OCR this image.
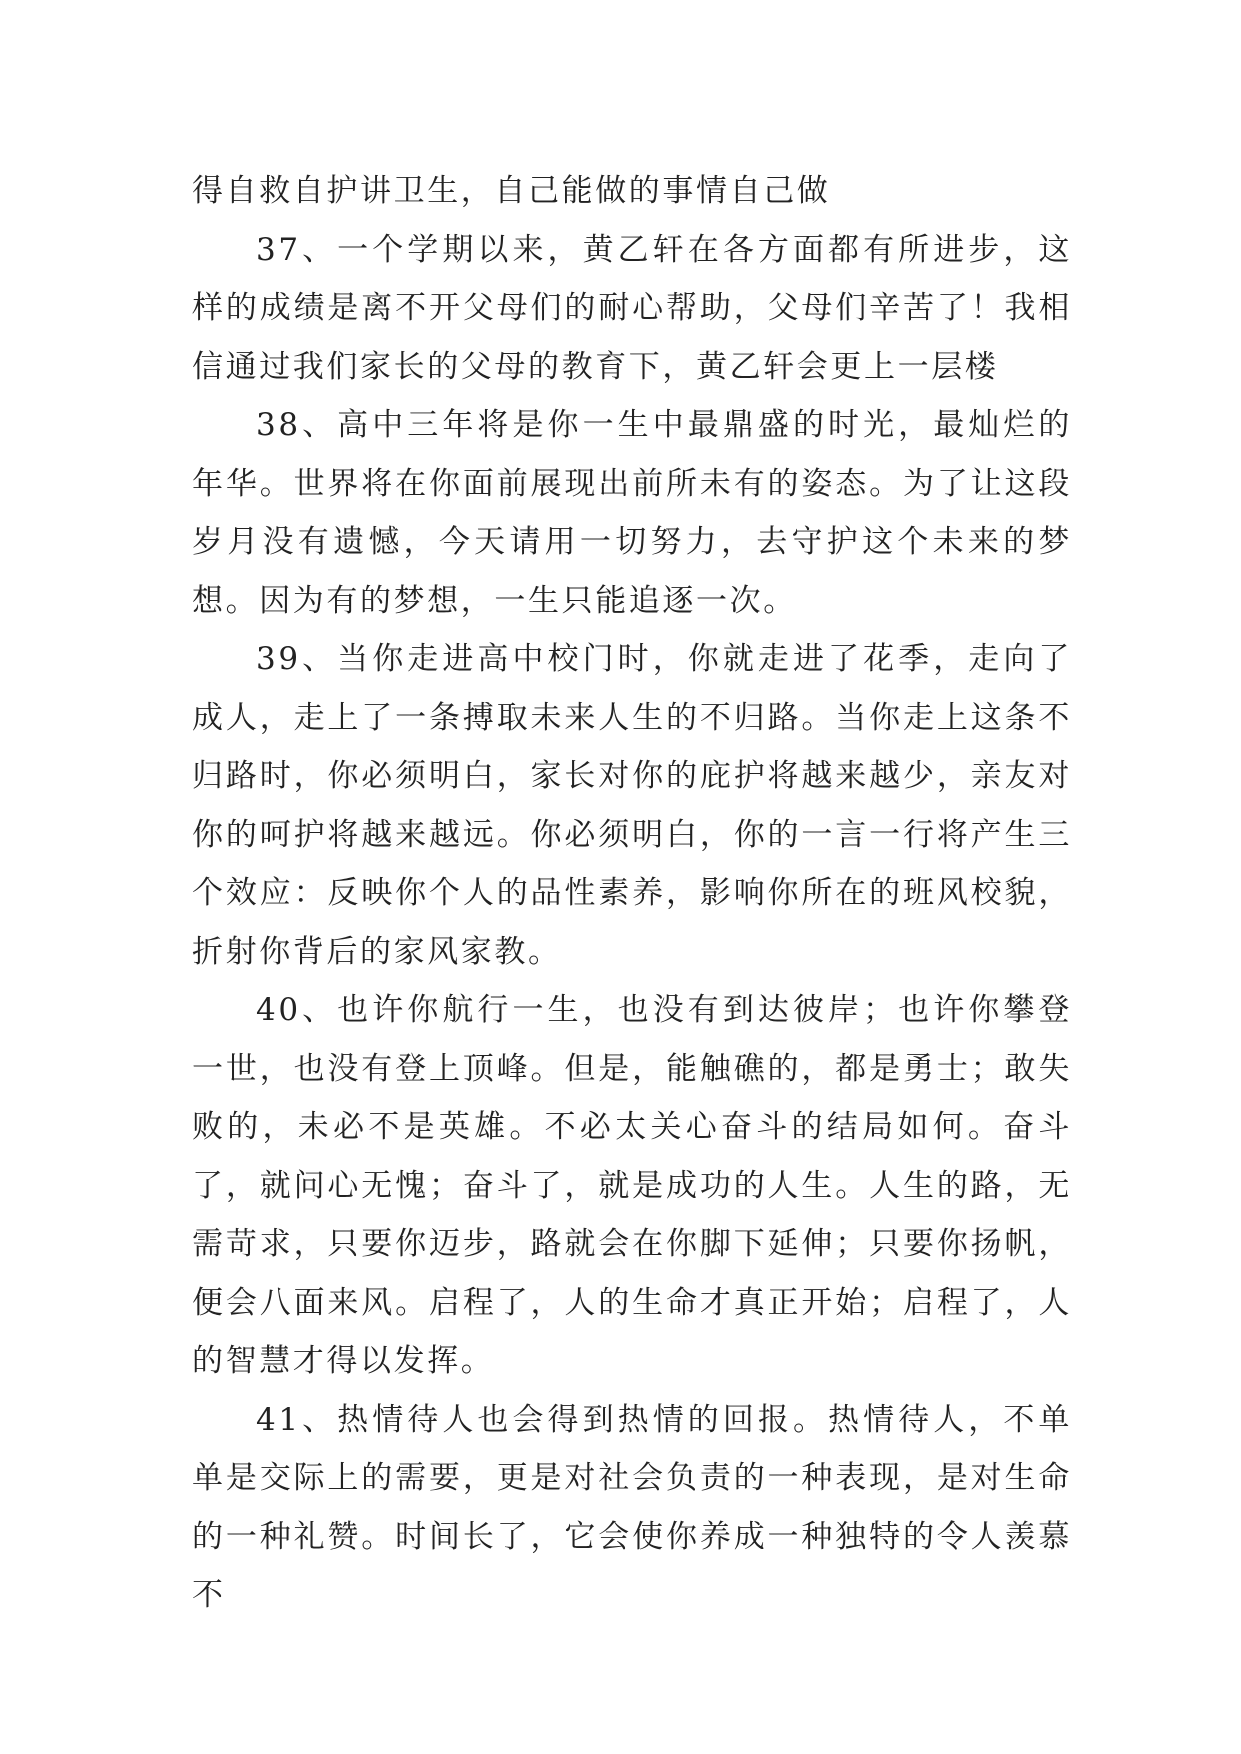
得自救自护讲卫生，自己能做的事情自己做

37、一个学期以来，黄乙轩在各方面都有所进步，这样的成绩是离不开父母们的耐心帮助，父母们辛苦了！我相信通过我们家长的父母的教育下，黄乙轩会更上一层楼

38、高中三年将是你一生中最鼎盛的时光，最灿烂的年华。世界将在你面前展现出前所未有的姿态。为了让这段岁月没有遗憾，今天请用一切努力，去守护这个未来的梦想。因为有的梦想，一生只能追逐一次。

39、当你走进高中校门时，你就走进了花季，走向了成人，走上了一条搏取未来人生的不归路。当你走上这条不归路时，你必须明白，家长对你的庇护将越来越少，亲友对你的呵护将越来越远。你必须明白，你的一言一行将产生三个效应：反映你个人的品性素养，影响你所在的班风校貌，折射你背后的家风家教。

40、也许你航行一生，也没有到达彼岸；也许你攀登一世，也没有登上顶峰。但是，能触礁的，都是勇士；敢失败的，未必不是英雄。不必太关心奋斗的结局如何。奋斗了，就问心无愧；奋斗了，就是成功的人生。人生的路，无需苛求，只要你迈步，路就会在你脚下延伸；只要你扬帆，便会八面来风。启程了，人的生命才真正开始；启程了，人的智慧才得以发挥。

41、热情待人也会得到热情的回报。热情待人，不单单是交际上的需要，更是对社会负责的一种表现，是对生命的一种礼赞。时间长了，它会使你养成一种独特的令人羡慕不
